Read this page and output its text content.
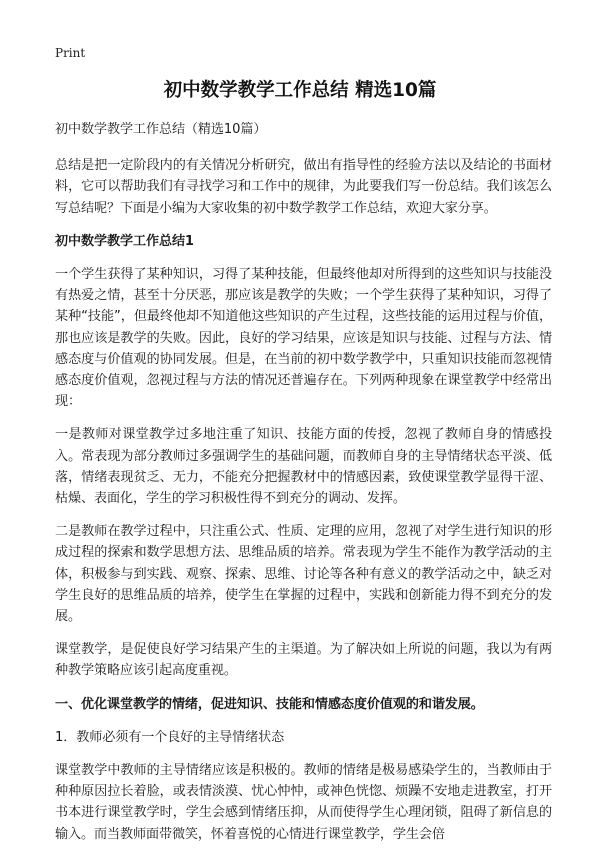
Print
初中数学教学工作总结 精选10篇

初中数学教学工作总结（精选10篇）

总结是把一定阶段内的有关情况分析研究，做出有指导性的经验方法以及结论的书面材料，它可以帮助我们有寻找学习和工作中的规律，为此要我们写一份总结。我们该怎么写总结呢？下面是小编为大家收集的初中数学教学工作总结，欢迎大家分享。

初中数学教学工作总结1

一个学生获得了某种知识，习得了某种技能，但最终他却对所得到的这些知识与技能没有热爱之情，甚至十分厌恶，那应该是教学的失败；一个学生获得了某种知识，习得了某种“技能”，但最终他却不知道他这些知识的产生过程，这些技能的运用过程与价值，那也应该是教学的失败。因此，良好的学习结果，应该是知识与技能、过程与方法、情感态度与价值观的协同发展。但是，在当前的初中数学教学中，只重知识技能而忽视情感态度价值观，忽视过程与方法的情况还普遍存在。下列两种现象在课堂教学中经常出现：

一是教师对课堂教学过多地注重了知识、技能方面的传授，忽视了教师自身的情感投入。常表现为部分教师过多强调学生的基础问题，而教师自身的主导情绪状态平淡、低落，情绪表现贫乏、无力，不能充分把握教材中的情感因素，致使课堂教学显得干涩、枯燥、表面化，学生的学习积极性得不到充分的调动、发挥。

二是教师在教学过程中，只注重公式、性质、定理的应用，忽视了对学生进行知识的形成过程的探索和数学思想方法、思维品质的培养。常表现为学生不能作为教学活动的主体，积极参与到实践、观察、探索、思维、讨论等各种有意义的教学活动之中，缺乏对学生良好的思维品质的培养，使学生在掌握的过程中，实践和创新能力得不到充分的发展。

课堂教学，是促使良好学习结果产生的主渠道。为了解决如上所说的问题，我以为有两种教学策略应该引起高度重视。

一、优化课堂教学的情绪，促进知识、技能和情感态度价值观的和谐发展。

1．教师必须有一个良好的主导情绪状态

课堂教学中教师的主导情绪应该是积极的。教师的情绪是极易感染学生的，当教师由于种种原因拉长着脸，或表情淡漠、忧心忡忡，或神色恍惚、烦躁不安地走进教室，打开书本进行课堂教学时，学生会感到情绪压抑，从而使得学生心理闭锁，阻碍了新信息的输入。而当教师面带微笑，怀着喜悦的心情进行课堂教学，学生会倍
